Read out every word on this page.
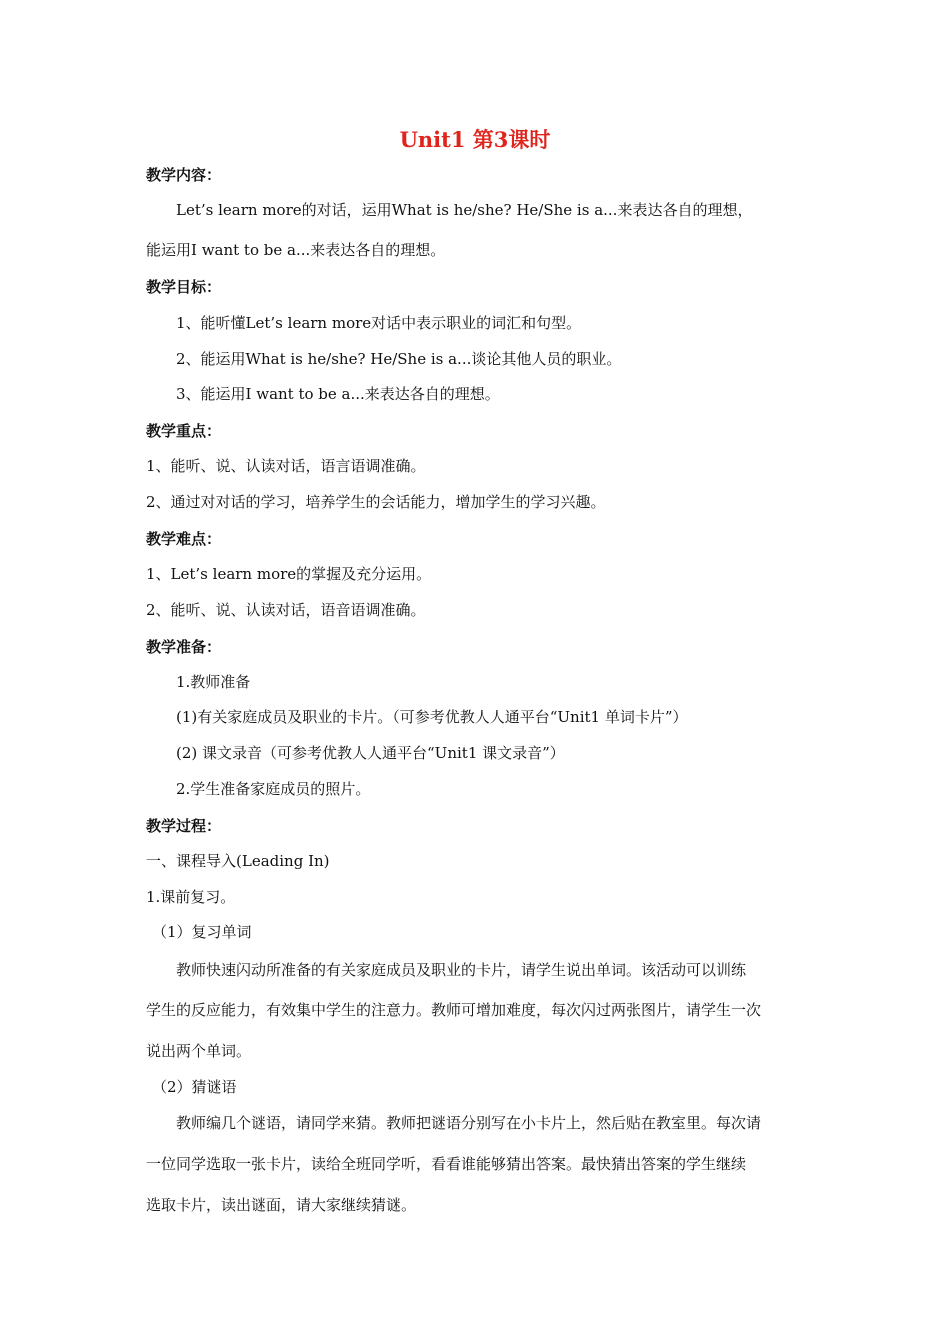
Unit1 第3课时
教学内容：
Let’s learn more的对话，运用What is he/she? He/She is a...来表达各自的理想，
能运用I want to be a...来表达各自的理想。
教学目标：
1、能听懂Let’s learn more对话中表示职业的词汇和句型。
2、能运用What is he/she? He/She is a...谈论其他人员的职业。
3、能运用I want to be a...来表达各自的理想。
教学重点：
1、能听、说、认读对话，语言语调准确。
2、通过对对话的学习，培养学生的会话能力，增加学生的学习兴趣。
教学难点：
1、Let’s learn more的掌握及充分运用。
2、能听、说、认读对话，语音语调准确。
教学准备：
1.教师准备
(1)有关家庭成员及职业的卡片。（可参考优教人人通平台“Unit1 单词卡片”）
(2) 课文录音（可参考优教人人通平台“Unit1 课文录音”）
2.学生准备家庭成员的照片。
教学过程：
一、课程导入(Leading In)
1.课前复习。
（1）复习单词
教师快速闪动所准备的有关家庭成员及职业的卡片，请学生说出单词。该活动可以训练
学生的反应能力，有效集中学生的注意力。教师可增加难度，每次闪过两张图片，请学生一次
说出两个单词。
（2）猜谜语
教师编几个谜语，请同学来猜。教师把谜语分别写在小卡片上，然后贴在教室里。每次请
一位同学选取一张卡片，读给全班同学听，看看谁能够猜出答案。最快猜出答案的学生继续
选取卡片，读出谜面，请大家继续猜谜。
